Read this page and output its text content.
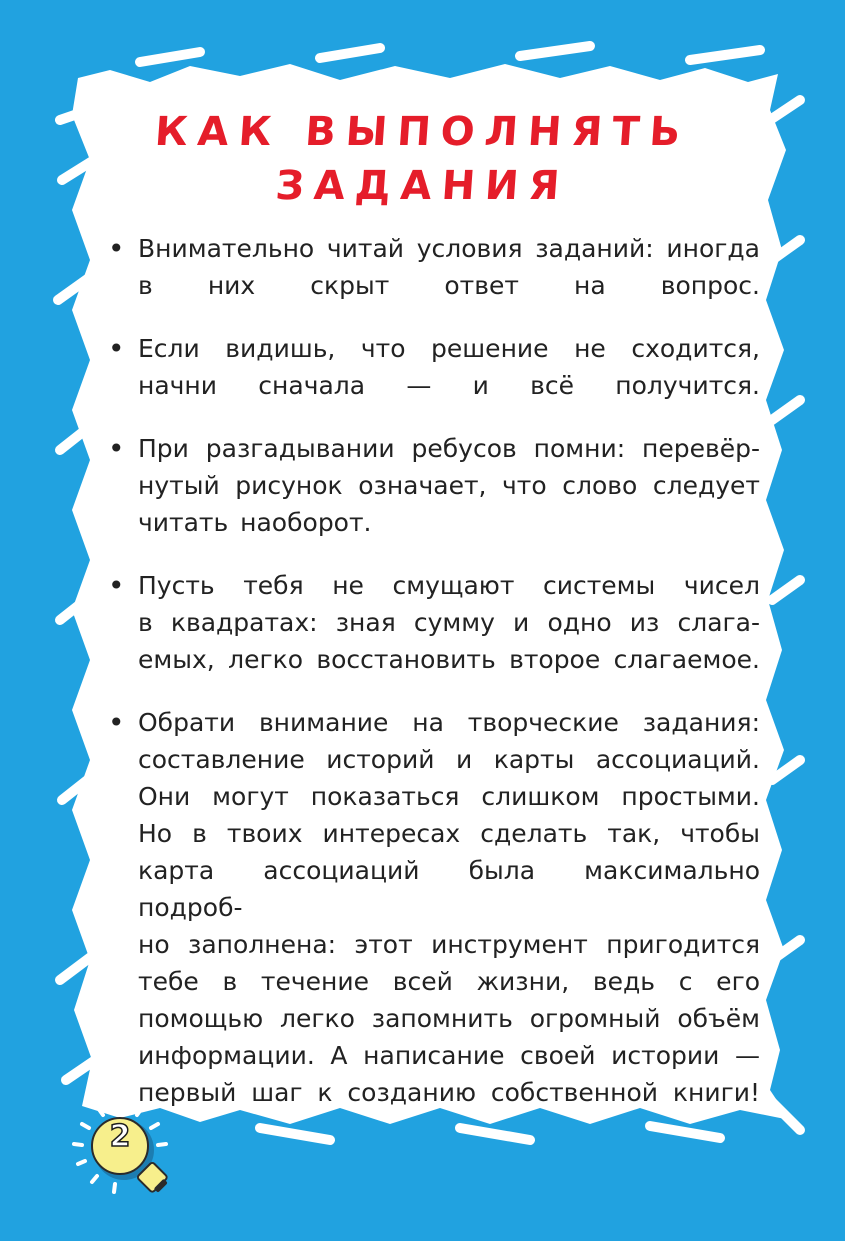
КАК ВЫПОЛНЯТЬ
ЗАДАНИЯ
• Внимательно читай условия заданий: иногда

в них скрыт ответ на вопрос.

• Если видишь, что решение не сходится,

начни сначала — и всё получится.

• При разгадывании ребусов помни: перевёр-

нутый рисунок означает, что слово следует

читать наоборот.

• Пусть тебя не смущают системы чисел

в квадратах: зная сумму и одно из слага-

емых, легко восстановить второе слагаемое.

• Обрати внимание на творческие задания:

составление историй и карты ассоциаций.

Они могут показаться слишком простыми.

Но в твоих интересах сделать так, чтобы

карта ассоциаций была максимально подроб-

но заполнена: этот инструмент пригодится

тебе в течение всей жизни, ведь с его

помощью легко запомнить огромный объём

информации. А написание своей истории —

первый шаг к созданию собственной книги!

2
